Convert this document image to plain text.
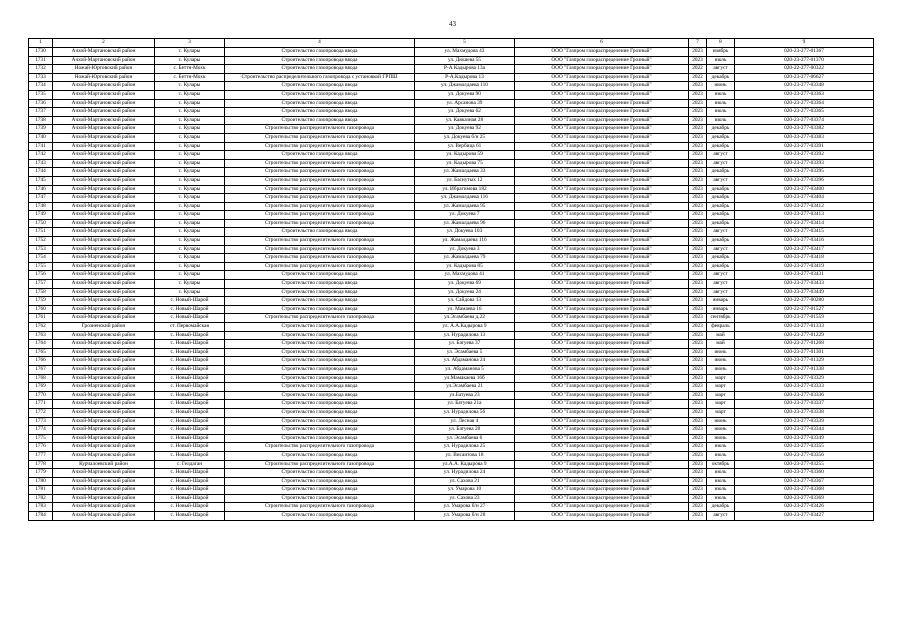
43
1	2	3	4	5	6	7	8	9
1730	Ачхой-Мартановский район	с. Кулары	Строительство газопровода ввода	ул. Махмудова 43	ООО "Газпром газораспределение Грозный"	2023	ноябрь	020-23-277-01367
1731	Ачхой-Мартановский район	с. Кулары	Строительство газопровода ввода	ул. Дюшева 55	ООО "Газпром газораспределение Грозный"	2023	июль	020-23-277-01370
1732	Ножай-Юртовский район	с. Беттн-Мохк	Строительство газопровода ввода	Р-А Кадырова 13а	ООО "Газпром газораспределение Грозный"	2022	август	020-22-277-00322
1733	Ножай-Юртовский район	с. Беттн-Мохк	Строительство распределительного газопровода с установкой ГРПШ	Р-А.Кадырова 13	ООО "Газпром газораспределение Грозный"	2022	декабрь	020-23-277-06627
1734	Ачхой-Мартановский район	с. Кулары	Строительство газопровода ввода	ул. Джамалдаева 110	ООО "Газпром газораспределение Грозный"	2023	июнь	020-23-277-03348
1735	Ачхой-Мартановский район	с. Кулары	Строительство газопровода ввода	ул. Докуева 90	ООО "Газпром газораспределение Грозный"	2023	июль	020-23-277-03363
1736	Ачхой-Мартановский район	с. Кулары	Строительство газопровода ввода	ул. Арсанова 39	ООО "Газпром газораспределение Грозный"	2023	июль	020-23-277-03364
1737	Ачхой-Мартановский район	с. Кулары	Строительство газопровода ввода	ул. Докуева 62	ООО "Газпром газораспределение Грозный"	2023	июль	020-23-277-03365
1738	Ачхой-Мартановский район	с. Кулары	Строительство газопровода ввода	ул. Кавказная 28	ООО "Газпром газораспределение Грозный"	2023	июль	020-23-277-03374
1739	Ачхой-Мартановский район	с. Кулары	Строительство распределительного газопровода	ул. Докуева 92	ООО "Газпром газораспределение Грозный"	2023	декабрь	020-23-277-03382
1740	Ачхой-Мартановский район	с. Кулары	Строительство распределительного газопровода	ул. Докуева б/н 25	ООО "Газпром газораспределение Грозный"	2023	декабрь	020-23-277-03383
1741	Ачхой-Мартановский район	с. Кулары	Строительство распределительного газопровода	ул. Вербица 61	ООО "Газпром газораспределение Грозный"	2023	декабрь	020-23-277-03391
1742	Ачхой-Мартановский район	с. Кулары	Строительство газопровода ввода	ул. Кадырова 59	ООО "Газпром газораспределение Грозный"	2023	август	020-23-277-03392
1743	Ачхой-Мартановский район	с. Кулары	Строительство распределительного газопровода	ул. Кадырова 75	ООО "Газпром газораспределение Грозный"	2023	август	020-23-277-03393
1744	Ачхой-Мартановский район	с. Кулары	Строительство распределительного газопровода	ул. Жамалдаева 33	ООО "Газпром газораспределение Грозный"	2023	декабрь	020-23-277-03395
1745	Ачхой-Мартановский район	с. Кулары	Строительство распределительного газопровода	ул. Баснутых 12	ООО "Газпром газораспределение Грозный"	2023	август	020-23-277-03396
1746	Ачхой-Мартановский район	с. Кулары	Строительство распределительного газопровода	ул. Ибрагимова 182	ООО "Газпром газораспределение Грозный"	2023	декабрь	020-23-277-03400
1747	Ачхой-Мартановский район	с. Кулары	Строительство распределительного газопровода	ул. Джамалдаева 116	ООО "Газпром газораспределение Грозный"	2023	декабрь	020-23-277-03404
1748	Ачхой-Мартановский район	с. Кулары	Строительство распределительного газопровода	ул. Жамалдаева 95	ООО "Газпром газораспределение Грозный"	2023	декабрь	020-23-277-03412
1749	Ачхой-Мартановский район	с. Кулары	Строительство распределительного газопровода	ул. Докуева 7	ООО "Газпром газораспределение Грозный"	2023	декабрь	020-23-277-03413
1750	Ачхой-Мартановский район	с. Кулары	Строительство распределительного газопровода	ул. Жамалдаева 96	ООО "Газпром газораспределение Грозный"	2023	декабрь	020-23-277-03414
1751	Ачхой-Мартановский район	с. Кулары	Строительство газопровода ввода	ул. Докуева 103	ООО "Газпром газораспределение Грозный"	2023	август	020-23-277-03415
1752	Ачхой-Мартановский район	с. Кулары	Строительство распределительного газопровода	ул. Жамалдаева 116	ООО "Газпром газораспределение Грозный"	2023	декабрь	020-23-277-03416
1753	Ачхой-Мартановский район	с. Кулары	Строительство распределительного газопровода	ул. Докуева 3	ООО "Газпром газораспределение Грозный"	2023	август	020-23-277-03417
1754	Ачхой-Мартановский район	с. Кулары	Строительство распределительного газопровода	ул. Жамалдаева 79	ООО "Газпром газораспределение Грозный"	2023	декабрь	020-23-277-03418
1755	Ачхой-Мартановский район	с. Кулары	Строительство распределительного газопровода	ул. Кадырова 85	ООО "Газпром газораспределение Грозный"	2023	декабрь	020-23-277-03419
1756	Ачхой-Мартановский район	с. Кулары	Строительство газопровода ввода	ул. Махмудова 41	ООО "Газпром газораспределение Грозный"	2023	август	020-23-277-03431
1757	Ачхой-Мартановский район	с. Кулары	Строительство газопровода ввода	ул. Докуева 69	ООО "Газпром газораспределение Грозный"	2023	август	020-23-277-03433
1758	Ачхой-Мартановский район	с. Кулары	Строительство газопровода ввода	ул. Докуева 24	ООО "Газпром газораспределение Грозный"	2023	август	020-23-277-03449
1759	Ачхой-Мартановский район	с. Новый-Шарой	Строительство газопровода ввода	ул. Сайдова 13	ООО "Газпром газораспределение Грозный"	2023	январь	020-22-277-00280
1760	Ачхой-Мартановский район	с. Новый-Шарой	Строительство газопровода ввода	ул. Мамаева 16	ООО "Газпром газораспределение Грозный"	2023	январь	020-22-277-01527
1761	Ачхой-Мартановский район	с. Новый-Шарой	Строительство распределительного газопровода	ул.Эсамбаева д.22	ООО "Газпром газораспределение Грозный"	2023	сентябрь	020-23-277-01559
1762	Грозненский район	ст. Первомайская	Строительство газопровода ввода	ул. А.А.Кадырова 9	ООО "Газпром газораспределение Грозный"	2023	февраль	020-23-277-01333
1763	Ачхой-Мартановский район	с. Новый-Шарой	Строительство газопровода ввода	ул. Нурадилова 13	ООО "Газпром газораспределение Грозный"	2023	май	020-23-277-01229
1764	Ачхой-Мартановский район	с. Новый-Шарой	Строительство газопровода ввода	ул. Батуева 37	ООО "Газпром газораспределение Грозный"	2023	май	020-23-277-01268
1765	Ачхой-Мартановский район	с. Новый-Шарой	Строительство газопровода ввода	ул. Эсамбаева 5	ООО "Газпром газораспределение Грозный"	2023	июнь	020-23-277-01301
1766	Ачхой-Мартановский район	с. Новый-Шарой	Строительство газопровода ввода	ул. Абдаманова 24	ООО "Газпром газораспределение Грозный"	2023	июнь	020-23-277-01329
1767	Ачхой-Мартановский район	с. Новый-Шарой	Строительство газопровода ввода	ул. Абдаманова 5	ООО "Газпром газораспределение Грозный"	2023	июнь	020-23-277-01338
1768	Ачхой-Мартановский район	с. Новый-Шарой	Строительство газопровода ввода	ул.Мамакаева 16б	ООО "Газпром газораспределение Грозный"	2023	март	020-23-277-03329
1769	Ачхой-Мартановский район	с. Новый-Шарой	Строительство газопровода ввода	ул.Эсамбаева 21	ООО "Газпром газораспределение Грозный"	2023	март	020-23-277-03333
1770	Ачхой-Мартановский район	с. Новый-Шарой	Строительство газопровода ввода	ул.Батуева 23	ООО "Газпром газораспределение Грозный"	2023	март	020-23-277-03336
1771	Ачхой-Мартановский район	с. Новый-Шарой	Строительство газопровода ввода	ул. Батуева 21а	ООО "Газпром газораспределение Грозный"	2023	март	020-23-277-03337
1772	Ачхой-Мартановский район	с. Новый-Шарой	Строительство газопровода ввода	ул. Нурадилова 56	ООО "Газпром газораспределение Грозный"	2023	март	020-23-277-03338
1773	Ачхой-Мартановский район	с. Новый-Шарой	Строительство газопровода ввода	ул. Лесная 4	ООО "Газпром газораспределение Грозный"	2023	июнь	020-23-277-03339
1774	Ачхой-Мартановский район	с. Новый-Шарой	Строительство газопровода ввода	ул. Батуева 20	ООО "Газпром газораспределение Грозный"	2023	июнь	020-23-277-03344
1775	Ачхой-Мартановский район	с. Новый-Шарой	Строительство газопровода ввода	ул. Эсамбаева 6	ООО "Газпром газораспределение Грозный"	2023	июнь	020-23-277-03349
1776	Ачхой-Мартановский район	с. Новый-Шарой	Строительство распределительного газопровода	ул. Нурадилова 25	ООО "Газпром газораспределение Грозный"	2023	июль	020-23-277-03355
1777	Ачхой-Мартановский район	с. Новый-Шарой	Строительство газопровода ввода	ул. Висаитова 18	ООО "Газпром газораспределение Грозный"	2023	июль	020-23-277-03356
1778	Курчалоевский район	с. Гелдаган	Строительство распределительного газопровода	ул.А.А. Кадырова 9	ООО "Газпром газораспределение Грозный"	2023	октябрь	020-23-277-03255
1779	Ачхой-Мартановский район	с. Новый-Шарой	Строительство газопровода ввода	ул. Нурадилова 24	ООО "Газпром газораспределение Грозный"	2023	июль	020-23-277-03360
1780	Ачхой-Мартановский район	с. Новый-Шарой	Строительство газопровода ввода	ул. Сахова 21	ООО "Газпром газораспределение Грозный"	2023	июль	020-23-277-03367
1781	Ачхой-Мартановский район	с. Новый-Шарой	Строительство газопровода ввода	ул. Умарова 10	ООО "Газпром газораспределение Грозный"	2023	июль	020-23-277-03368
1782	Ачхой-Мартановский район	с. Новый-Шарой	Строительство газопровода ввода	ул. Сахова 23	ООО "Газпром газораспределение Грозный"	2023	июль	020-23-277-03369
1783	Ачхой-Мартановский район	с. Новый-Шарой	Строительство распределительного газопровода	ул. Умарова б/н 27	ООО "Газпром газораспределение Грозный"	2023	декабрь	020-23-277-03426
1784	Ачхой-Мартановский район	с. Новый-Шарой	Строительство газопровода ввода	ул. Умарова б/н 28	ООО "Газпром газораспределение Грозный"	2023	август	020-23-277-03427
